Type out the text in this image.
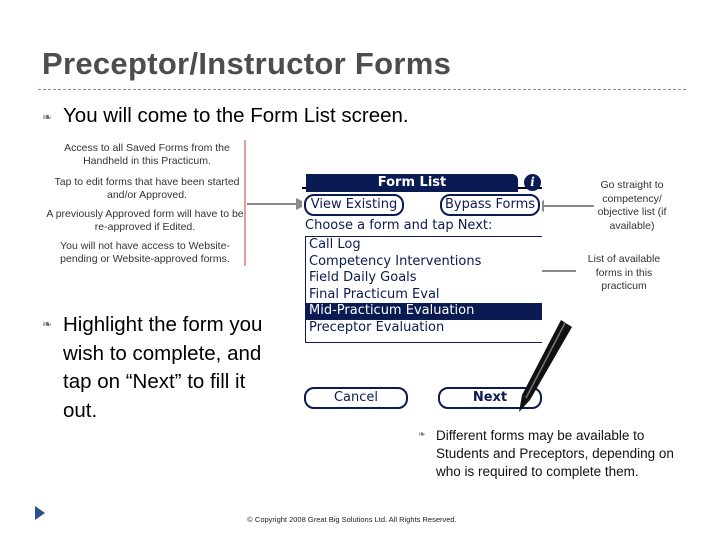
Preceptor/Instructor Forms
❧ You will come to the Form List screen.
Access to all Saved Forms from the Handheld in this Practicum.
Tap to edit forms that have been started and/or Approved.
A previously Approved form will have to be re-approved if Edited.
You will not have access to Website-pending or Website-approved forms.
Go straight to competency/ objective list (if available)
List of available forms in this practicum
Form List	i
View Existing	Bypass Forms
Choose a form and tap Next:
Call Log
Competency Interventions
Field Daily Goals
Final Practicum Eval
Mid-Practicum Evaluation
Preceptor Evaluation
Cancel	Next
❧ Highlight the form you wish to complete, and tap on “Next” to fill it out.
❧ Different forms may be available to Students and Preceptors, depending on who is required to complete them.
© Copyright 2008 Great Big Solutions Ltd. All Rights Reserved.
